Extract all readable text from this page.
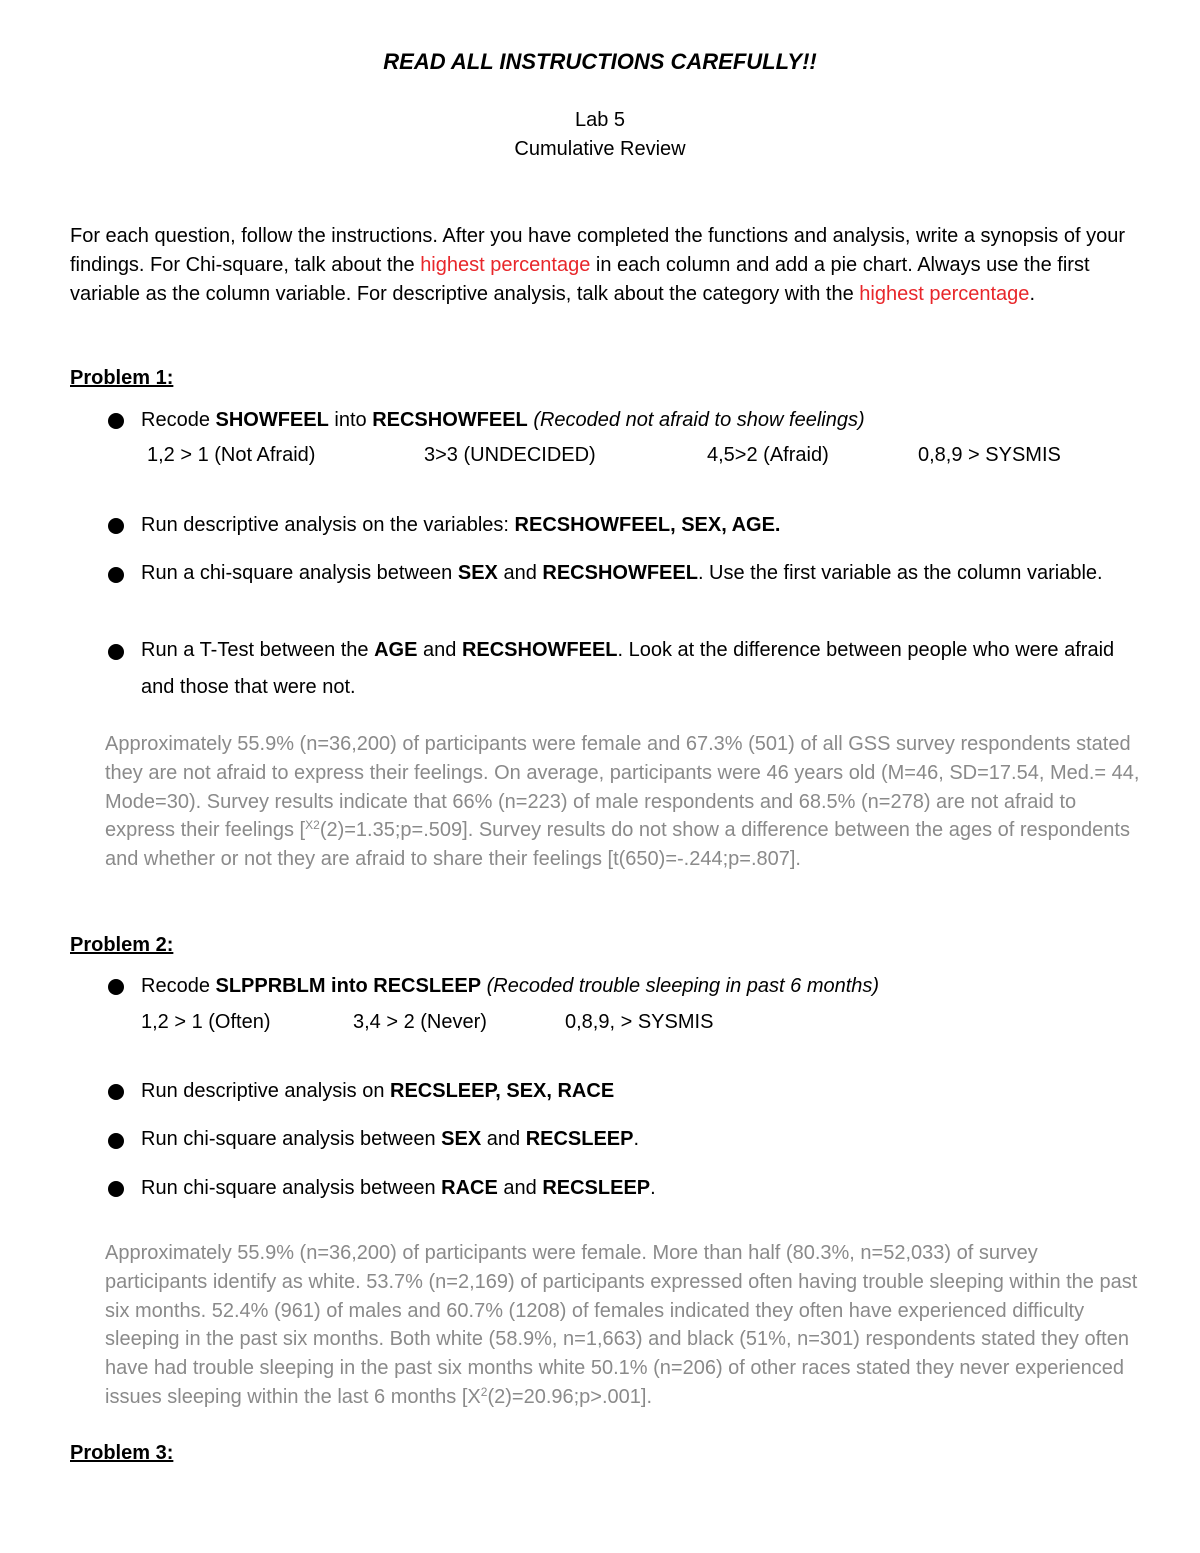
READ ALL INSTRUCTIONS CAREFULLY!!
Lab 5
Cumulative Review
For each question, follow the instructions. After you have completed the functions and analysis, write a synopsis of your findings. For Chi-square, talk about the highest percentage in each column and add a pie chart. Always use the first variable as the column variable. For descriptive analysis, talk about the category with the highest percentage.
Problem 1:
Recode SHOWFEEL into RECSHOWFEEL (Recoded not afraid to show feelings)
1,2 > 1 (Not Afraid)	3>3 (UNDECIDED)	4,5>2 (Afraid)	0,8,9 > SYSMIS
Run descriptive analysis on the variables: RECSHOWFEEL, SEX, AGE.
Run a chi-square analysis between SEX and RECSHOWFEEL. Use the first variable as the column variable.
Run a T-Test between the AGE and RECSHOWFEEL. Look at the difference between people who were afraid and those that were not.
Approximately 55.9% (n=36,200) of participants were female and 67.3% (501) of all GSS survey respondents stated they are not afraid to express their feelings. On average, participants were 46 years old (M=46, SD=17.54, Med.= 44, Mode=30). Survey results indicate that 66% (n=223) of male respondents and 68.5% (n=278) are not afraid to express their feelings [$^{X2}$(2)=1.35;p=.509]. Survey results do not show a difference between the ages of respondents and whether or not they are afraid to share their feelings [t(650)=-.244;p=.807].
Problem 2:
Recode SLPPRBLM into RECSLEEP (Recoded trouble sleeping in past 6 months)
1,2 > 1 (Often)	3,4 > 2 (Never)	0,8,9, > SYSMIS
Run descriptive analysis on RECSLEEP, SEX, RACE
Run chi-square analysis between SEX and RECSLEEP.
Run chi-square analysis between RACE and RECSLEEP.
Approximately 55.9% (n=36,200) of participants were female. More than half (80.3%, n=52,033) of survey participants identify as white. 53.7% (n=2,169) of participants expressed often having trouble sleeping within the past six months. 52.4% (961) of males and 60.7% (1208) of females indicated they often have experienced difficulty sleeping in the past six months. Both white (58.9%, n=1,663) and black (51%, n=301) respondents stated they often have had trouble sleeping in the past six months white 50.1% (n=206) of other races stated they never experienced issues sleeping within the last 6 months $[X^2(2)=20.96;p>.001]$.
Problem 3:
